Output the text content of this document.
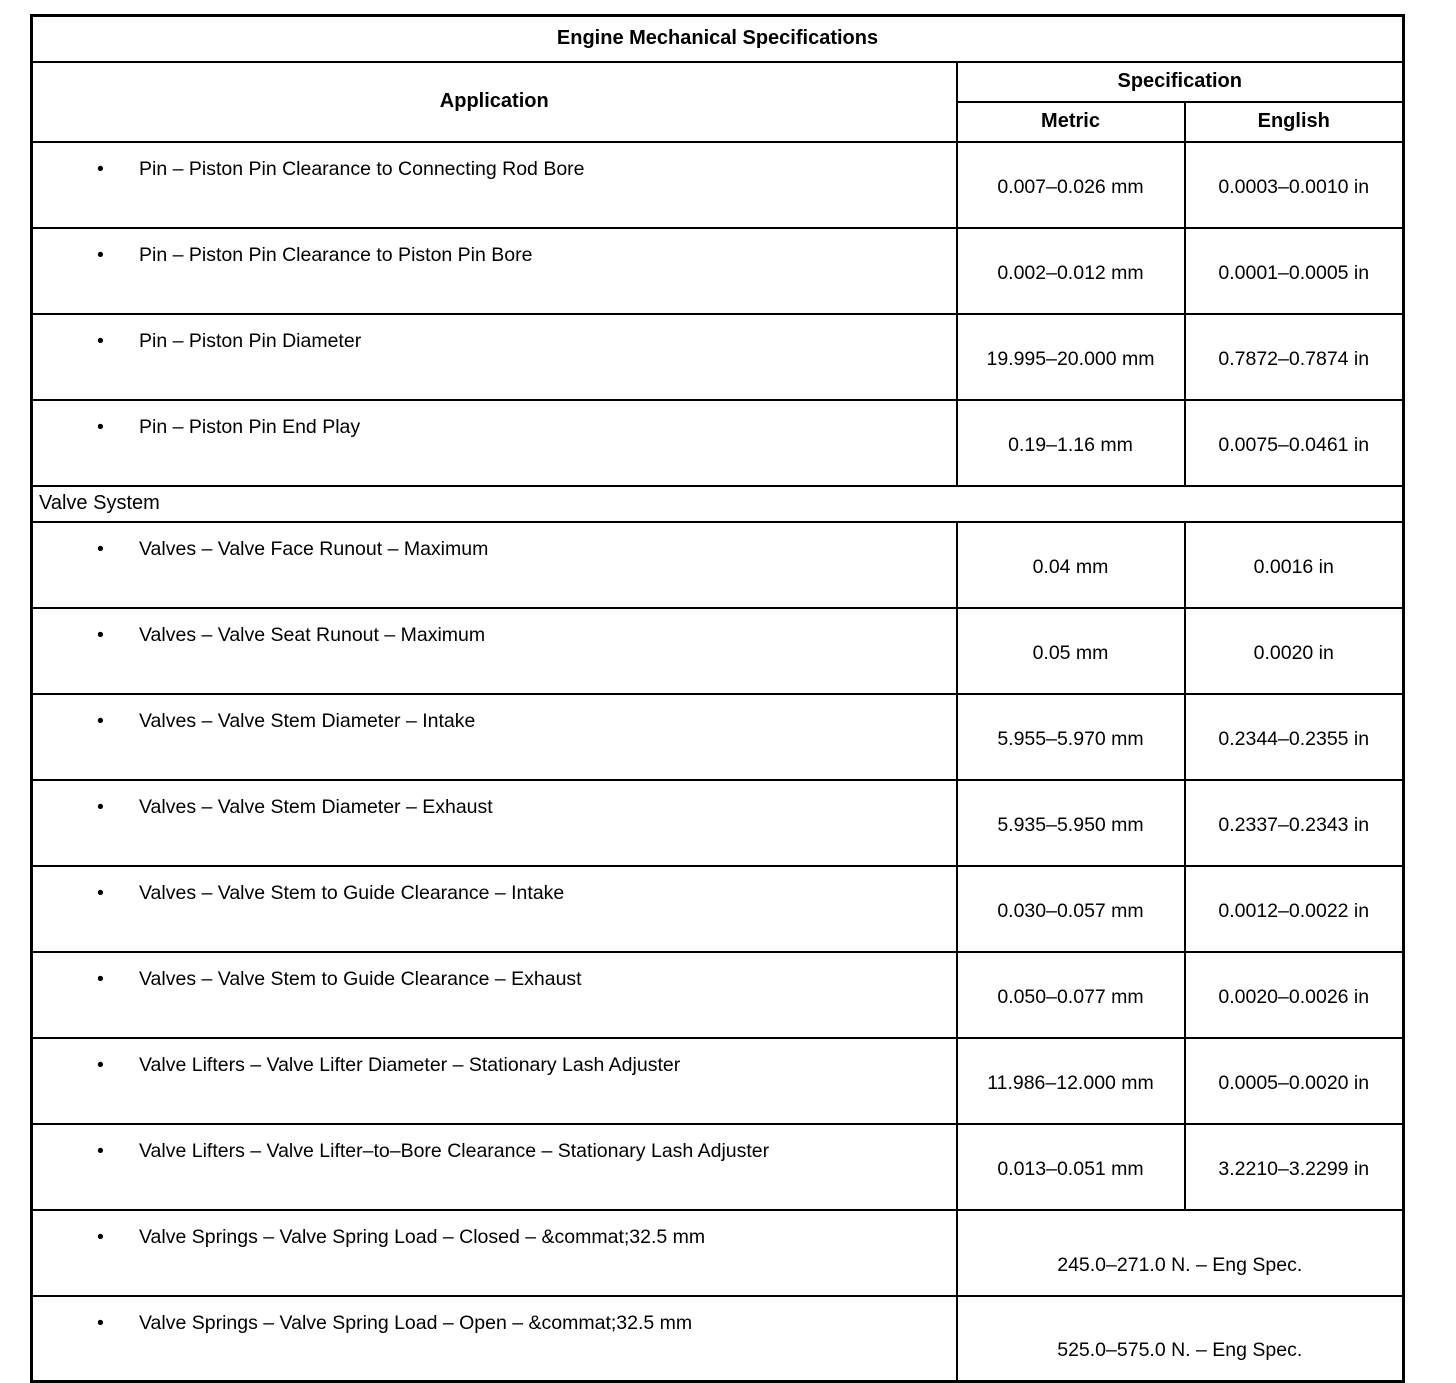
Engine Mechanical Specifications		
Application	Specification	
	Metric	English
• Pin – Piston Pin Clearance to Connecting Rod Bore	0.007–0.026 mm	0.0003–0.0010 in
• Pin – Piston Pin Clearance to Piston Pin Bore	0.002–0.012 mm	0.0001–0.0005 in
• Pin – Piston Pin Diameter	19.995–20.000 mm	0.7872–0.7874 in
• Pin – Piston Pin End Play	0.19–1.16 mm	0.0075–0.0461 in
Valve System		
• Valves – Valve Face Runout – Maximum	0.04 mm	0.0016 in
• Valves – Valve Seat Runout – Maximum	0.05 mm	0.0020 in
• Valves – Valve Stem Diameter – Intake	5.955–5.970 mm	0.2344–0.2355 in
• Valves – Valve Stem Diameter – Exhaust	5.935–5.950 mm	0.2337–0.2343 in
• Valves – Valve Stem to Guide Clearance – Intake	0.030–0.057 mm	0.0012–0.0022 in
• Valves – Valve Stem to Guide Clearance – Exhaust	0.050–0.077 mm	0.0020–0.0026 in
• Valve Lifters – Valve Lifter Diameter – Stationary Lash Adjuster	11.986–12.000 mm	0.0005–0.0020 in
• Valve Lifters – Valve Lifter–to–Bore Clearance – Stationary Lash Adjuster	0.013–0.051 mm	3.2210–3.2299 in
• Valve Springs – Valve Spring Load – Closed – &commat;32.5 mm	245.0–271.0 N. – Eng Spec.	
• Valve Springs – Valve Spring Load – Open – &commat;32.5 mm	525.0–575.0 N. – Eng Spec.	
